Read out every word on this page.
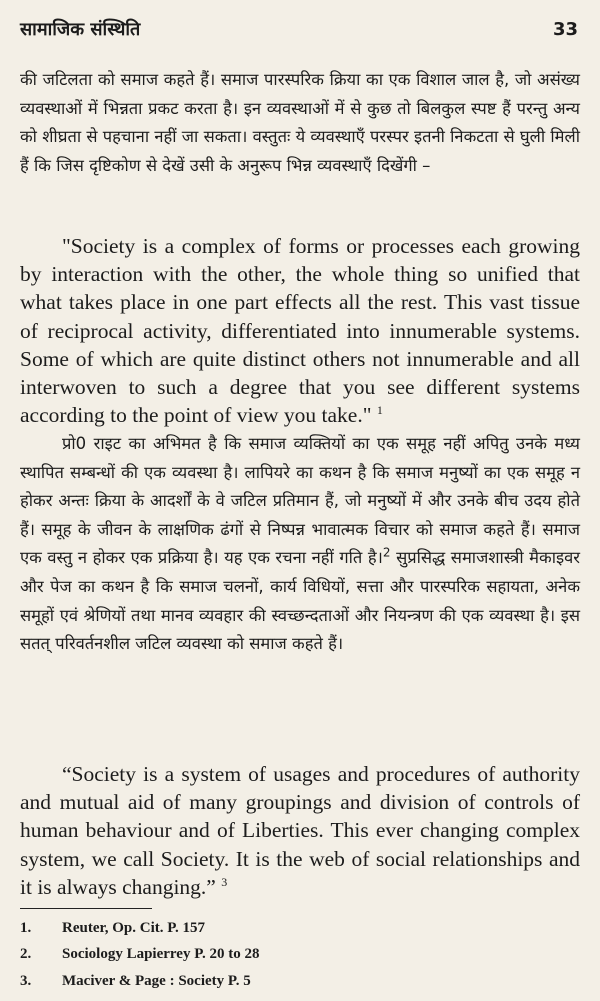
सामाजिक संस्थिति	33

की जटिलता को समाज कहते हैं। समाज पारस्परिक क्रिया का एक विशाल जाल है, जो असंख्य व्यवस्थाओं में भिन्नता प्रकट करता है। इन व्यवस्थाओं में से कुछ तो बिलकुल स्पष्ट हैं परन्तु अन्य को शीघ्रता से पहचाना नहीं जा सकता। वस्तुतः ये व्यवस्थाएँ परस्पर इतनी निकटता से घुली मिली हैं कि जिस दृष्टिकोण से देखें उसी के अनुरूप भिन्न व्यवस्थाएँ दिखेंगी –

"Society is a complex of forms or processes each growing by interaction with the other, the whole thing so unified that what takes place in one part effects all the rest. This vast tissue of reciprocal activity, differentiated into innumerable systems. Some of which are quite distinct others not innumerable and all interwoven to such a degree that you see different systems according to the point of view you take." $^1$

प्रो0 राइट का अभिमत है कि समाज व्यक्तियों का एक समूह नहीं अपितु उनके मध्य स्थापित सम्बन्धों की एक व्यवस्था है। लापियरे का कथन है कि समाज मनुष्यों का एक समूह न होकर अन्तः क्रिया के आदर्शों के वे जटिल प्रतिमान हैं, जो मनुष्यों में और उनके बीच उदय होते हैं। समूह के जीवन के लाक्षणिक ढंगों से निष्पन्न भावात्मक विचार को समाज कहते हैं। समाज एक वस्तु न होकर एक प्रक्रिया है। यह एक रचना नहीं गति है।$^2$ सुप्रसिद्ध समाजशास्त्री मैकाइवर और पेज का कथन है कि समाज चलनों, कार्य विधियों, सत्ता और पारस्परिक सहायता, अनेक समूहों एवं श्रेणियों तथा मानव व्यवहार की स्वच्छन्दताओं और नियन्त्रण की एक व्यवस्था है। इस सतत् परिवर्तनशील जटिल व्यवस्था को समाज कहते हैं।

“Society is a system of usages and procedures of authority and mutual aid of many groupings and division of controls of human behaviour and of Liberties. This ever changing complex system, we call Society. It is the web of social relationships and it is always changing.” $^3$

1.	Reuter, Op. Cit. P. 157
2.	Sociology Lapierrey P. 20 to 28
3.	Maciver & Page : Society P. 5
